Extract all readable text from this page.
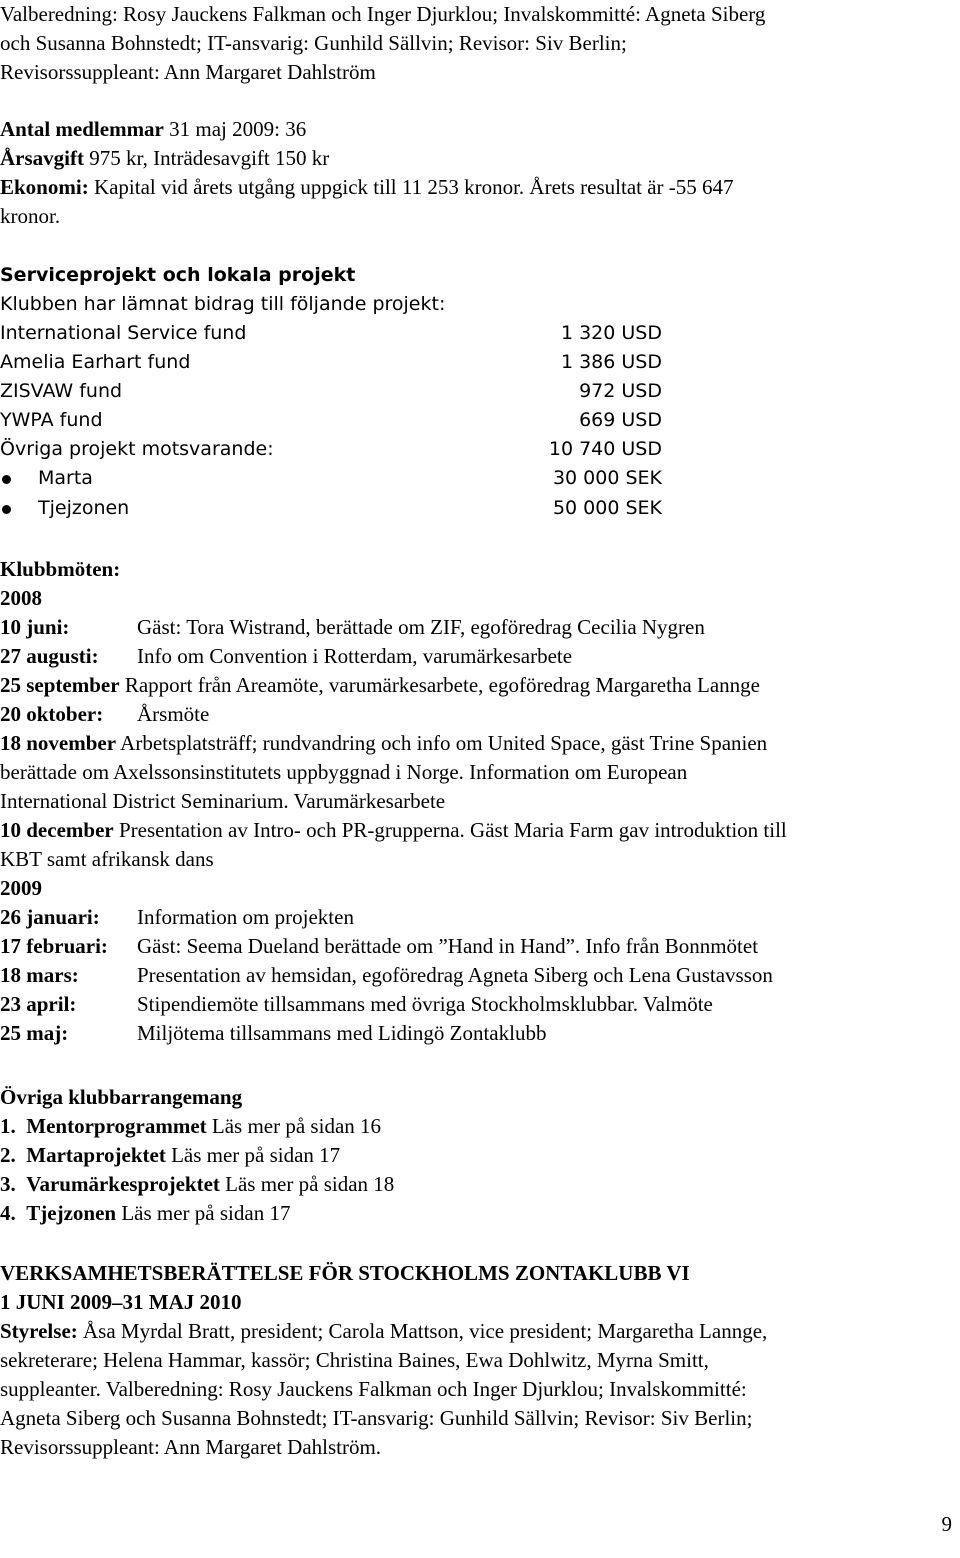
Valberedning: Rosy Jauckens Falkman och Inger Djurklou; Invalskommitté: Agneta Siberg
och Susanna Bohnstedt; IT-ansvarig: Gunhild Sällvin; Revisor: Siv Berlin;
Revisorssuppleant: Ann Margaret Dahlström
Antal medlemmar 31 maj 2009: 36
Årsavgift 975 kr, Inträdesavgift 150 kr
Ekonomi: Kapital vid årets utgång uppgick till 11 253 kronor. Årets resultat är -55 647
kronor.
Serviceprojekt och lokala projekt
Klubben har lämnat bidrag till följande projekt:
International Service fund	1 320 USD
Amelia Earhart fund	1 386 USD
ZISVAW fund	972 USD
YWPA fund	669 USD
Övriga projekt motsvarande:	10 740 USD
Marta	30 000 SEK
Tjejzonen	50 000 SEK
Klubbmöten:
2008
10 juni:	Gäst: Tora Wistrand, berättade om ZIF, egoföredrag Cecilia Nygren
27 augusti: Info om Convention i Rotterdam, varumärkesarbete
25 september Rapport från Areamöte, varumärkesarbete, egoföredrag Margaretha Lannge
20 oktober: Årsmöte
18 november Arbetsplatsträff; rundvandring och info om United Space, gäst Trine Spanien
berättade om Axelssonsinstitutets uppbyggnad i Norge. Information om European
International District Seminarium. Varumärkesarbete
10 december Presentation av Intro- och PR-grupperna. Gäst Maria Farm gav introduktion till
KBT samt afrikansk dans
2009
26 januari: Information om projekten
17 februari: Gäst: Seema Dueland berättade om ”Hand in Hand”. Info från Bonnmötet
18 mars:	Presentation av hemsidan, egoföredrag Agneta Siberg och Lena Gustavsson
23 april:	Stipendiemöte tillsammans med övriga Stockholmsklubbar. Valmöte
25 maj:	Miljötema tillsammans med Lidingö Zontaklubb
Övriga klubbarrangemang
1. Mentorprogrammet Läs mer på sidan 16
2. Martaprojektet Läs mer på sidan 17
3. Varumärkesprojektet Läs mer på sidan 18
4. Tjejzonen Läs mer på sidan 17
VERKSAMHETSBERÄTTELSE FÖR STOCKHOLMS ZONTAKLUBB VI
1 JUNI 2009–31 MAJ 2010
Styrelse: Åsa Myrdal Bratt, president; Carola Mattson, vice president; Margaretha Lannge,
sekreterare; Helena Hammar, kassör; Christina Baines, Ewa Dohlwitz, Myrna Smitt,
suppleanter. Valberedning: Rosy Jauckens Falkman och Inger Djurklou; Invalskommitté:
Agneta Siberg och Susanna Bohnstedt; IT-ansvarig: Gunhild Sällvin; Revisor: Siv Berlin;
Revisorssuppleant: Ann Margaret Dahlström.
9
